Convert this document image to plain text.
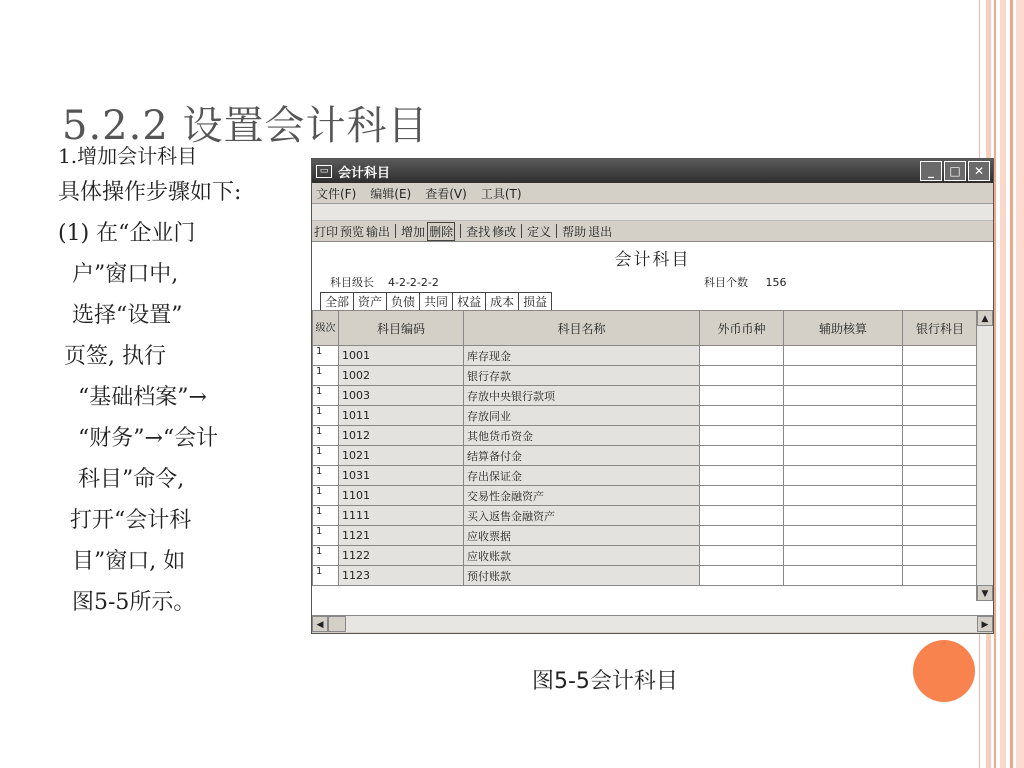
5.2.2 设置会计科目
1.增加会计科目
具体操作步骤如下:
(1) 在“企业门
户”窗口中,
选择“设置”
页签, 执行
“基础档案”→
“财务”→“会计
科目”命令,
打开“会计科
目”窗口, 如
图5-5所示。
▭ 会计科目	_	□	✕
文件(F) 编辑(E) 查看(V) 工具(T)
打印 预览 输出 增加 删除 查找 修改 定义 帮助 退出
会计科目
科目级长 4-2-2-2-2	科目个数 156
全部 资产 负债 共同 权益 成本 损益
级次	科目编码	科目名称	外币币种	辅助核算	银行科目
1	1001	库存现金			
1	1002	银行存款			
1	1003	存放中央银行款项			
1	1011	存放同业			
1	1012	其他货币资金			
1	1021	结算备付金			
1	1031	存出保证金			
1	1101	交易性金融资产			
1	1111	买入返售金融资产			
1	1121	应收票据			
1	1122	应收账款			
1	1123	预付账款			
▲
▼
◀	▶
图5-5会计科目
